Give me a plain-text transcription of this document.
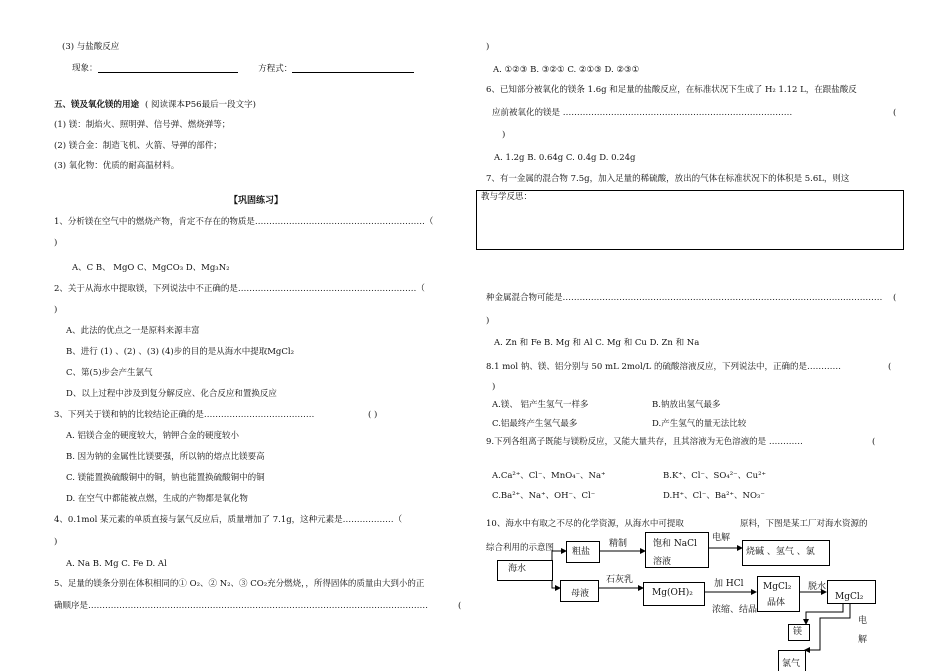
(3) 与盐酸反应
现象：	方程式：
五、镁及氧化镁的用途 ( 阅读课本P56最后一段文字)
(1) 镁：制焰火、照明弹、信号弹、燃烧弹等；
(2) 镁合金：制造飞机、火箭、导弹的部件；
(3) 氧化物：优质的耐高温材料。
【巩固练习】
1、分析镁在空气中的燃烧产物，肯定不存在的物质是……………………………………………………（
)
A、C B、 MgO C、MgCO₃ D、Mg₃N₂
2、关于从海水中提取镁，下列说法中不正确的是………………………………………………………（
)
A、此法的优点之一是原料来源丰富
B、进行 (1) 、(2) 、(3) (4)步的目的是从海水中提取MgCl₂
C、第(5)步会产生氯气
D、以上过程中涉及到复分解反应、化合反应和置换反应
3、下列关于镁和钠的比较结论正确的是…………………………………	( )
A. 铝镁合金的硬度较大，钠钾合金的硬度较小
B. 因为钠的金属性比镁要强，所以钠的熔点比镁要高
C. 镁能置换硫酸铜中的铜，钠也能置换硫酸铜中的铜
D. 在空气中都能被点燃，生成的产物都是氧化物
4、0.1mol 某元素的单质直接与氯气反应后，质量增加了 7.1g，这种元素是………………（
)
A. Na B. Mg C. Fe D. Al
5、足量的镁条分别在体积相同的① O₂、② N₂、③ CO₂充分燃烧，，所得固体的质量由大到小的正
确顺序是…………………………………………………………………………………………………………	(
)
A. ①②③ B. ③②① C. ②①③ D. ②③①
6、已知部分被氧化的镁条 1.6g 和足量的盐酸反应，在标准状况下生成了 H₂ 1.12 L，在跟盐酸反
应前被氧化的镁是 ………………………………………………………………………	(
)
A. 1.2g B. 0.64g C. 0.4g D. 0.24g
7、有一金属的混合物 7.5g，加入足量的稀硫酸，放出的气体在标准状况下的体积是 5.6L，则这
教与学反思：
种金属混合物可能是………………………………………………………………………………………..………… (
)
A. Zn 和 Fe B. Mg 和 Al C. Mg 和 Cu D. Zn 和 Na
8.1 mol 钠、镁、铝分别与 50 mL 2mol/L 的硫酸溶液反应，下列说法中，正确的是…………	(
)
A.镁、 铝产生氢气一样多	B.钠放出氢气最多
C.铝最终产生氢气最多	D.产生氢气的量无法比较
9.下列各组离子既能与镁粉反应，又能大量共存，且其溶液为无色溶液的是 …………	(
A.Ca²⁺、Cl⁻、MnO₄⁻、Na⁺	B.K⁺、Cl⁻、SO₄²⁻、Cu²⁺
C.Ba²⁺、Na⁺、OH⁻、Cl⁻	D.H⁺、Cl⁻、Ba²⁺、NO₃⁻
10、海水中有取之不尽的化学资源，从海水中可提取	原料，下图是某工厂对海水资源的
综合利用的示意图
海水
粗盐
精制	饱和 NaCl
溶液
电解
烧碱 、氢气 、氯
母液
石灰乳
Mg(OH)₂
加 HCl
浓缩、结晶
MgCl₂
晶体
脱水
MgCl₂
镁
电
解
氯气
